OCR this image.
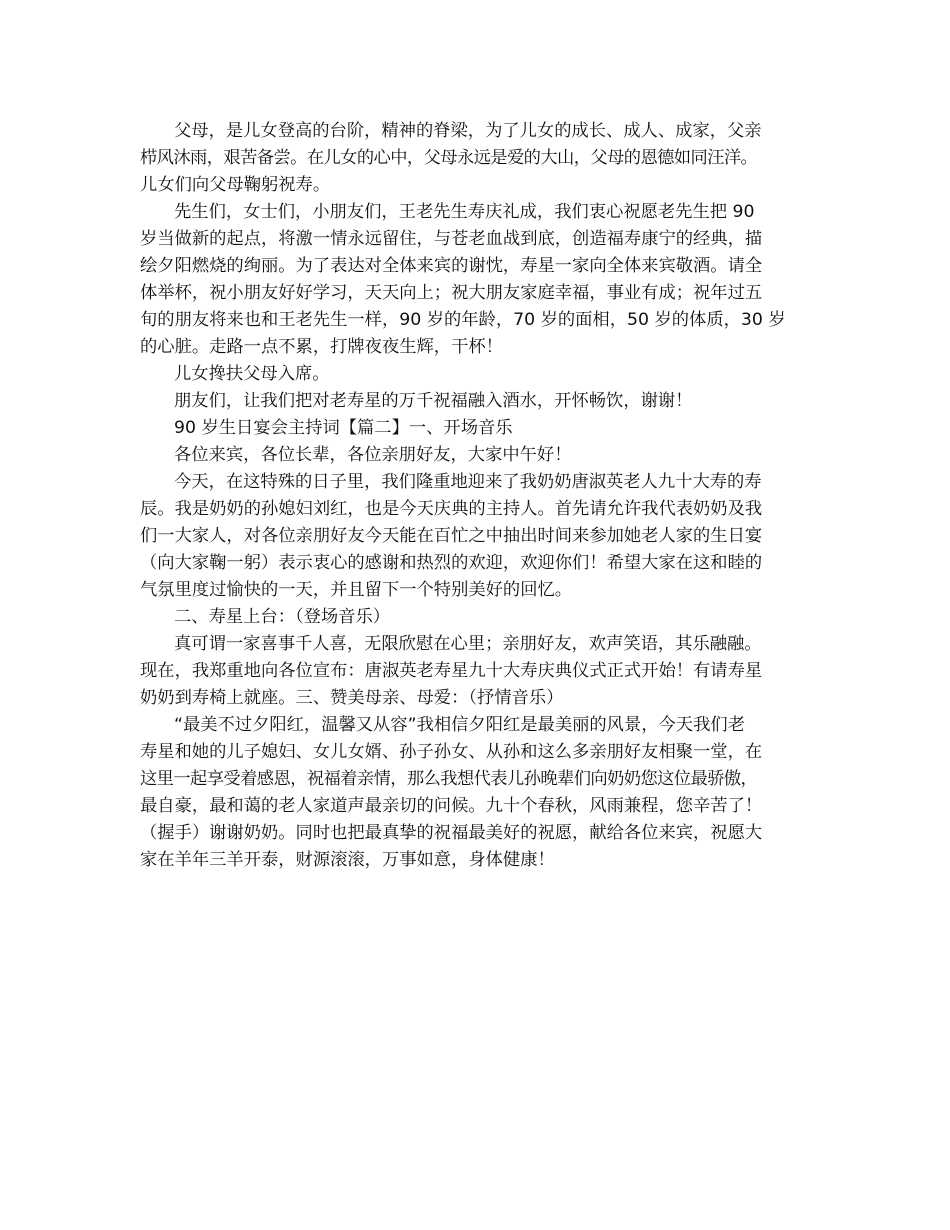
父母，是儿女登高的台阶，精神的脊梁，为了儿女的成长、成人、成家，父亲
栉风沐雨，艰苦备尝。在儿女的心中，父母永远是爱的大山，父母的恩德如同汪洋。
儿女们向父母鞠躬祝寿。
先生们，女士们，小朋友们，王老先生寿庆礼成，我们衷心祝愿老先生把 90
岁当做新的起点，将激一情永远留住，与苍老血战到底，创造福寿康宁的经典，描
绘夕阳燃烧的绚丽。为了表达对全体来宾的谢忱，寿星一家向全体来宾敬酒。请全
体举杯，祝小朋友好好学习，天天向上；祝大朋友家庭幸福，事业有成；祝年过五
旬的朋友将来也和王老先生一样，90 岁的年龄，70 岁的面相，50 岁的体质，30 岁
的心脏。走路一点不累，打牌夜夜生辉，干杯！
儿女搀扶父母入席。
朋友们，让我们把对老寿星的万千祝福融入酒水，开怀畅饮，谢谢！
90 岁生日宴会主持词【篇二】一、开场音乐
各位来宾，各位长辈，各位亲朋好友，大家中午好！
今天，在这特殊的日子里，我们隆重地迎来了我奶奶唐淑英老人九十大寿的寿
辰。我是奶奶的孙媳妇刘红，也是今天庆典的主持人。首先请允许我代表奶奶及我
们一大家人，对各位亲朋好友今天能在百忙之中抽出时间来参加她老人家的生日宴
（向大家鞠一躬）表示衷心的感谢和热烈的欢迎，欢迎你们！希望大家在这和睦的
气氛里度过愉快的一天，并且留下一个特别美好的回忆。
二、寿星上台：（登场音乐）
真可谓一家喜事千人喜，无限欣慰在心里；亲朋好友，欢声笑语，其乐融融。
现在，我郑重地向各位宣布：唐淑英老寿星九十大寿庆典仪式正式开始！有请寿星
奶奶到寿椅上就座。三、赞美母亲、母爱：（抒情音乐）
“最美不过夕阳红，温馨又从容”我相信夕阳红是最美丽的风景，今天我们老
寿星和她的儿子媳妇、女儿女婿、孙子孙女、从孙和这么多亲朋好友相聚一堂，在
这里一起享受着感恩，祝福着亲情，那么我想代表儿孙晚辈们向奶奶您这位最骄傲，
最自豪，最和蔼的老人家道声最亲切的问候。九十个春秋，风雨兼程，您辛苦了！
（握手）谢谢奶奶。同时也把最真挚的祝福最美好的祝愿，献给各位来宾，祝愿大
家在羊年三羊开泰，财源滚滚，万事如意，身体健康！
